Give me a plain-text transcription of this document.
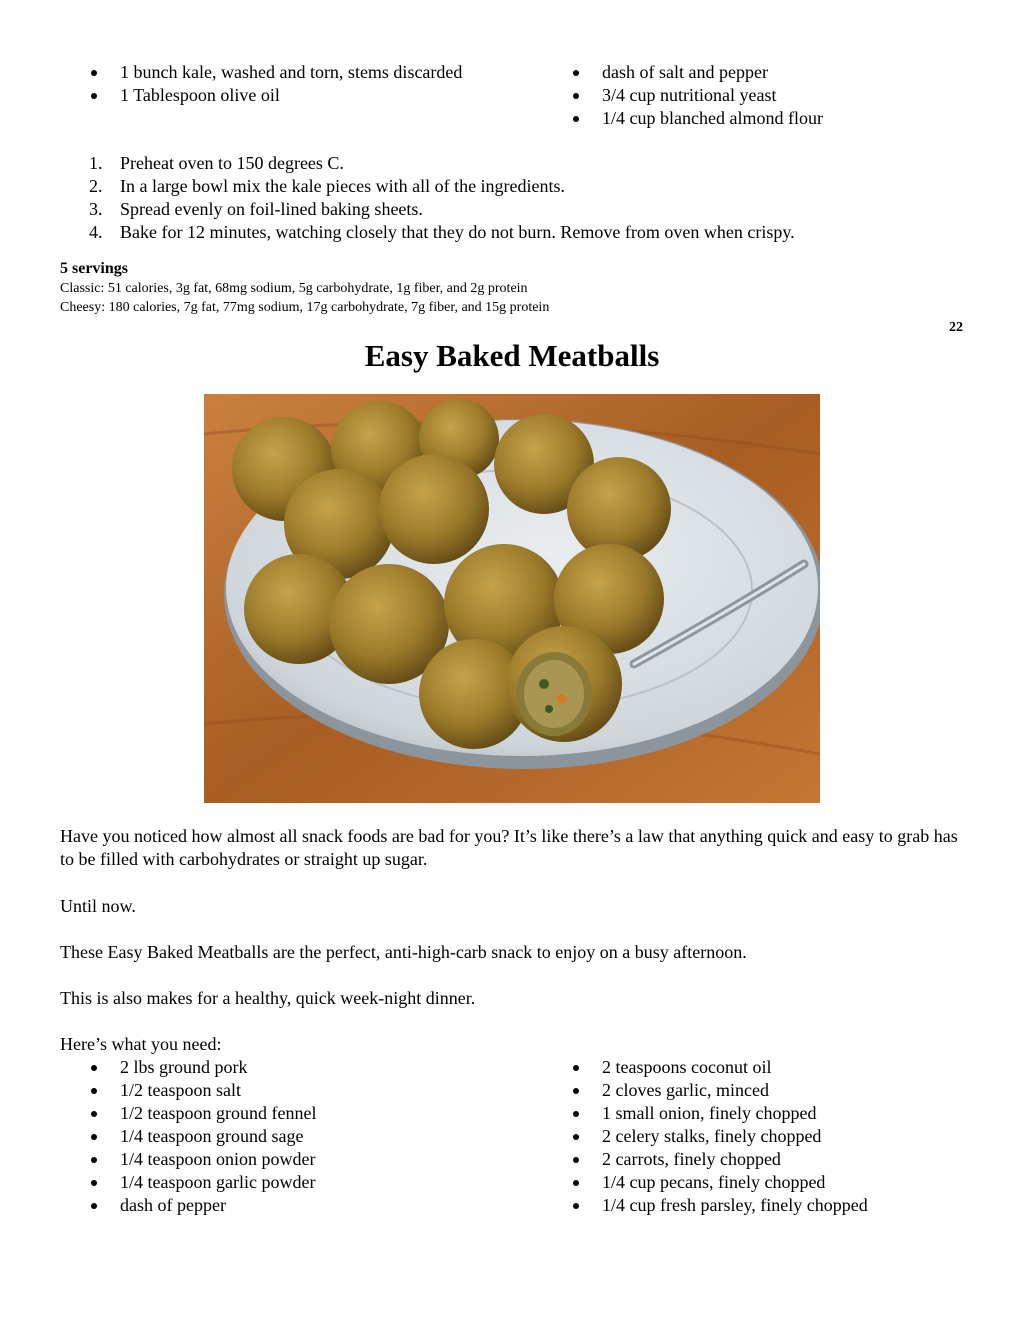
1 bunch kale, washed and torn, stems discarded
1 Tablespoon olive oil
dash of salt and pepper
3/4 cup nutritional yeast
1/4 cup blanched almond flour
1. Preheat oven to 150 degrees C.
2. In a large bowl mix the kale pieces with all of the ingredients.
3. Spread evenly on foil-lined baking sheets.
4. Bake for 12 minutes, watching closely that they do not burn. Remove from oven when crispy.
5 servings
Classic: 51 calories, 3g fat, 68mg sodium, 5g carbohydrate, 1g fiber, and 2g protein
Cheesy: 180 calories, 7g fat, 77mg sodium, 17g carbohydrate, 7g fiber, and 15g protein
22
Easy Baked Meatballs
Have you noticed how almost all snack foods are bad for you? It’s like there’s a law that anything quick and easy to grab has to be filled with carbohydrates or straight up sugar.
Until now.
These Easy Baked Meatballs are the perfect, anti-high-carb snack to enjoy on a busy afternoon.
This is also makes for a healthy, quick week-night dinner.
Here’s what you need:
2 lbs ground pork
1/2 teaspoon salt
1/2 teaspoon ground fennel
1/4 teaspoon ground sage
1/4 teaspoon onion powder
1/4 teaspoon garlic powder
dash of pepper
2 teaspoons coconut oil
2 cloves garlic, minced
1 small onion, finely chopped
2 celery stalks, finely chopped
2 carrots, finely chopped
1/4 cup pecans, finely chopped
1/4 cup fresh parsley, finely chopped
